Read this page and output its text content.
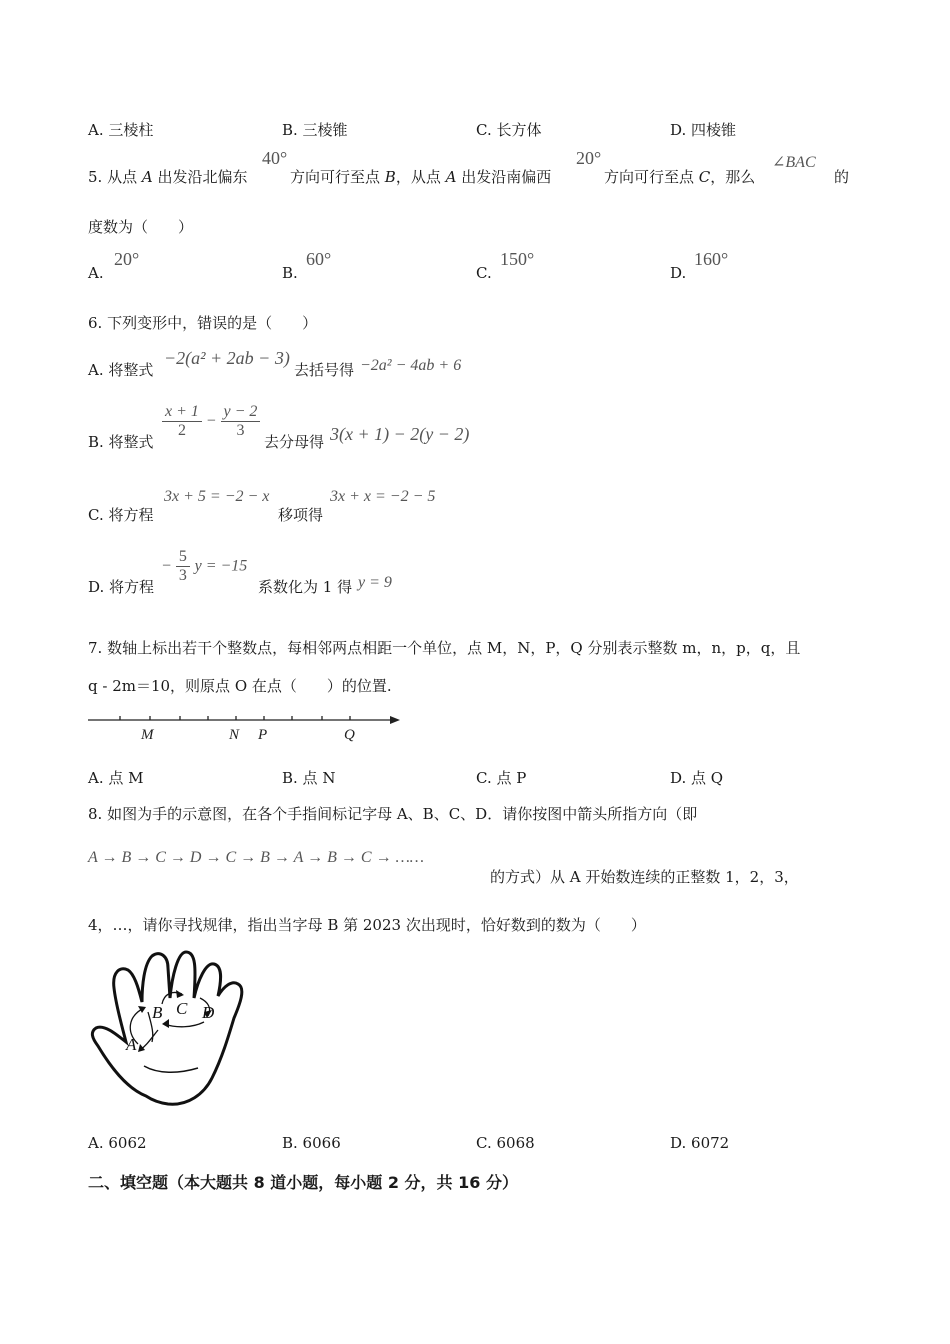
A. 三棱柱	B. 三棱锥	C. 长方体	D. 四棱锥
5. 从点 A 出发沿北偏东
40°
方向可行至点 B，从点 A 出发沿南偏西
20°
方向可行至点 C，那么
∠BAC
的
度数为（　　）
A.
20°
B.
60°
C.
150°
D.
160°
6. 下列变形中，错误的是（　　）
A. 将整式
−2(a² + 2ab − 3)
去括号得 −2a² − 4ab + 6
B. 将整式
$\frac{x + 1}{2} - \frac{y - 2}{3}$
去分母得 3(x + 1) − 2(y − 2)
C. 将方程
3x + 5 = −2 − x
移项得
3x + x = −2 − 5
D. 将方程
− $\frac{5}{3}$ y = −15
系数化为 1 得 y = 9
7. 数轴上标出若干个整数点，每相邻两点相距一个单位，点 M，N，P，Q 分别表示整数 m，n，p，q，且
q - 2m＝10，则原点 O 在点（　　）的位置.
M	N P	Q
A. 点 M	B. 点 N	C. 点 P	D. 点 Q
8. 如图为手的示意图，在各个手指间标记字母 A、B、C、D．请你按图中箭头所指方向（即
A → B → C → D → C → B → A → B → C → ……
的方式）从 A 开始数连续的正整数 1，2，3，
4，…，请你寻找规律，指出当字母 B 第 2023 次出现时，恰好数到的数为（　　）
A
B C D
A. 6062	B. 6066	C. 6068	D. 6072
二、填空题（本大题共 8 道小题，每小题 2 分，共 16 分）
